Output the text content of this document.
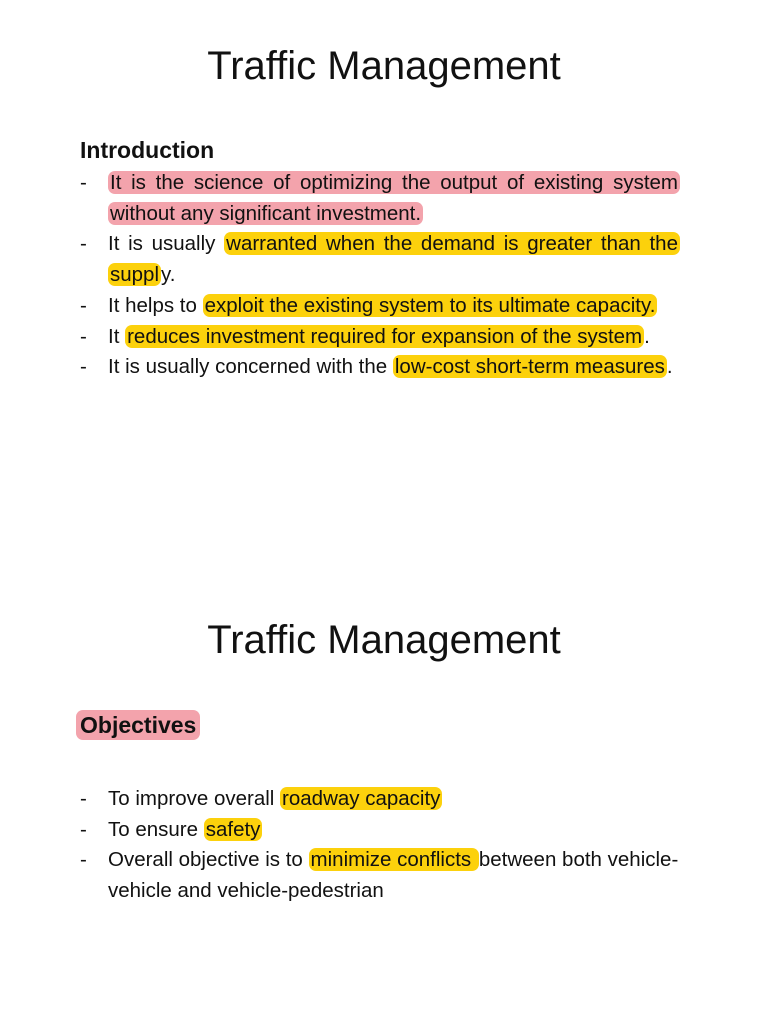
Traffic Management
Introduction
- It is the science of optimizing the output of existing system without any significant investment.
- It is usually warranted when the demand is greater than the supply.
- It helps to exploit the existing system to its ultimate capacity.
- It reduces investment required for expansion of the system.
- It is usually concerned with the low-cost short-term measures.
Traffic Management
Objectives
- To improve overall roadway capacity
- To ensure safety
- Overall objective is to minimize conflicts between both vehicle-vehicle and vehicle-pedestrian
